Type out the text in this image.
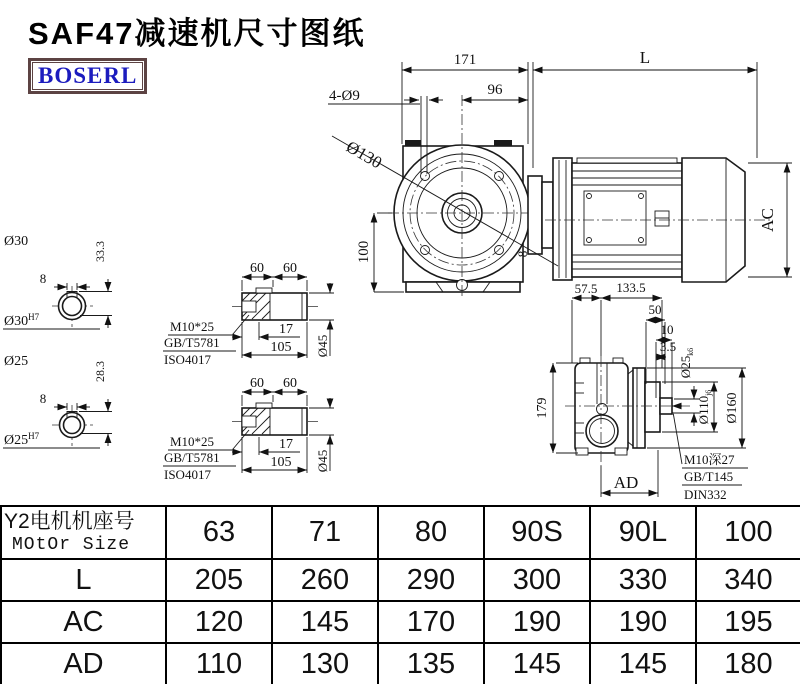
SAF47减速机尺寸图纸
BOSERL
171	L
96
4-Ø9
Ø130
100	8
AC
8
33.3
Ø30
$Ø30^{H7}$
8
28.3
Ø25
$Ø25^{H7}$
60 60
17
105 Ø45
M10*25
GB/T5781
ISO4017
60 60
17
105 Ø45
M10*25
GB/T5781
ISO4017
57.5 133.5
50
10
3.5
$Ø25_{k6}$
$Ø110_{j6}$ Ø160
179
AD
M10深27
GB/T145
DIN332
Y2电机机座号
MOtOr Size	63	71	80	90S	90L	100
L	205	260	290	300	330	340
AC	120	145	170	190	190	195
AD	110	130	135	145	145	180
